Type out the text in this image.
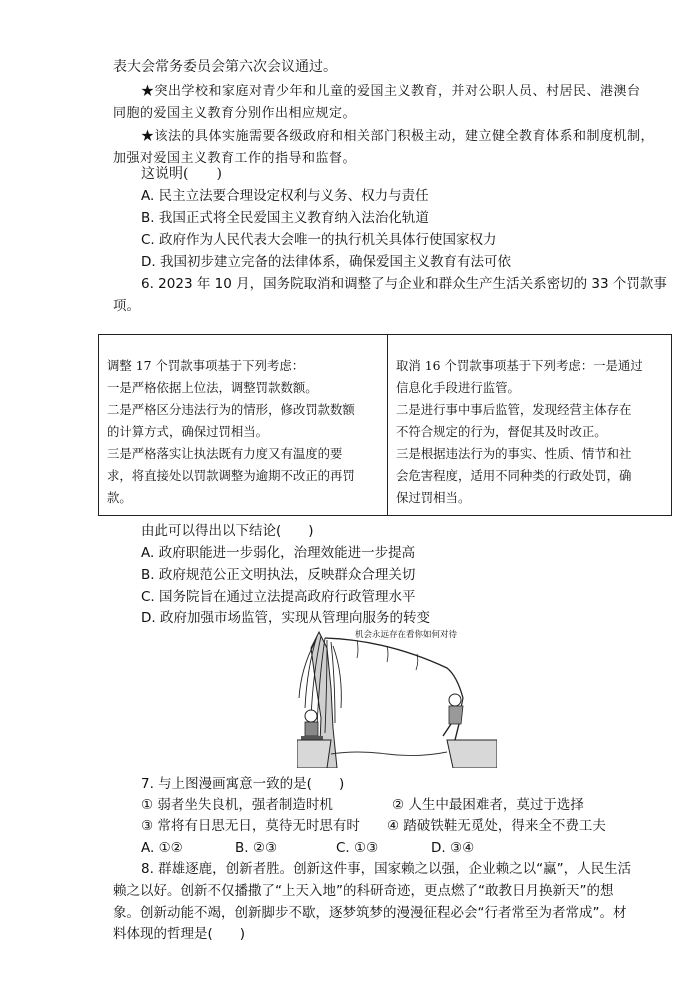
表大会常务委员会第六次会议通过。
★突出学校和家庭对青少年和儿童的爱国主义教育，并对公职人员、村居民、港澳台
同胞的爱国主义教育分别作出相应规定。
★该法的具体实施需要各级政府和相关部门积极主动，建立健全教育体系和制度机制，
加强对爱国主义教育工作的指导和监督。
这说明(　　)
A. 民主立法要合理设定权利与义务、权力与责任
B. 我国正式将全民爱国主义教育纳入法治化轨道
C. 政府作为人民代表大会唯一的执行机关具体行使国家权力
D. 我国初步建立完备的法律体系，确保爱国主义教育有法可依
6. 2023 年 10 月，国务院取消和调整了与企业和群众生产生活关系密切的 33 个罚款事
项。
调整 17 个罚款事项基于下列考虑：
一是严格依据上位法，调整罚款数额。
二是严格区分违法行为的情形，修改罚款数额
的计算方式，确保过罚相当。
三是严格落实让执法既有力度又有温度的要
求，将直接处以罚款调整为逾期不改正的再罚
款。
取消 16 个罚款事项基于下列考虑：一是通过
信息化手段进行监管。
二是进行事中事后监管，发现经营主体存在
不符合规定的行为，督促其及时改正。
三是根据违法行为的事实、性质、情节和社
会危害程度，适用不同种类的行政处罚，确
保过罚相当。
由此可以得出以下结论(　　)
A. 政府职能进一步弱化，治理效能进一步提高
B. 政府规范公正文明执法，反映群众合理关切
C. 国务院旨在通过立法提高政府行政管理水平
D. 政府加强市场监管，实现从管理向服务的转变
机会永远存在看你如何对待
7. 与上图漫画寓意一致的是(　　)
① 弱者坐失良机，强者制造时机	② 人生中最困难者，莫过于选择
③ 常将有日思无日，莫待无时思有时 ④ 踏破铁鞋无觅处，得来全不费工夫
A. ①②	B. ②③	C. ①③	D. ③④
8. 群雄逐鹿，创新者胜。创新这件事，国家赖之以强，企业赖之以“赢”，人民生活
赖之以好。创新不仅播撒了“上天入地”的科研奇迹，更点燃了“敢教日月换新天”的想
象。创新动能不竭，创新脚步不歇，逐梦筑梦的漫漫征程必会“行者常至为者常成”。材
料体现的哲理是(　　)
